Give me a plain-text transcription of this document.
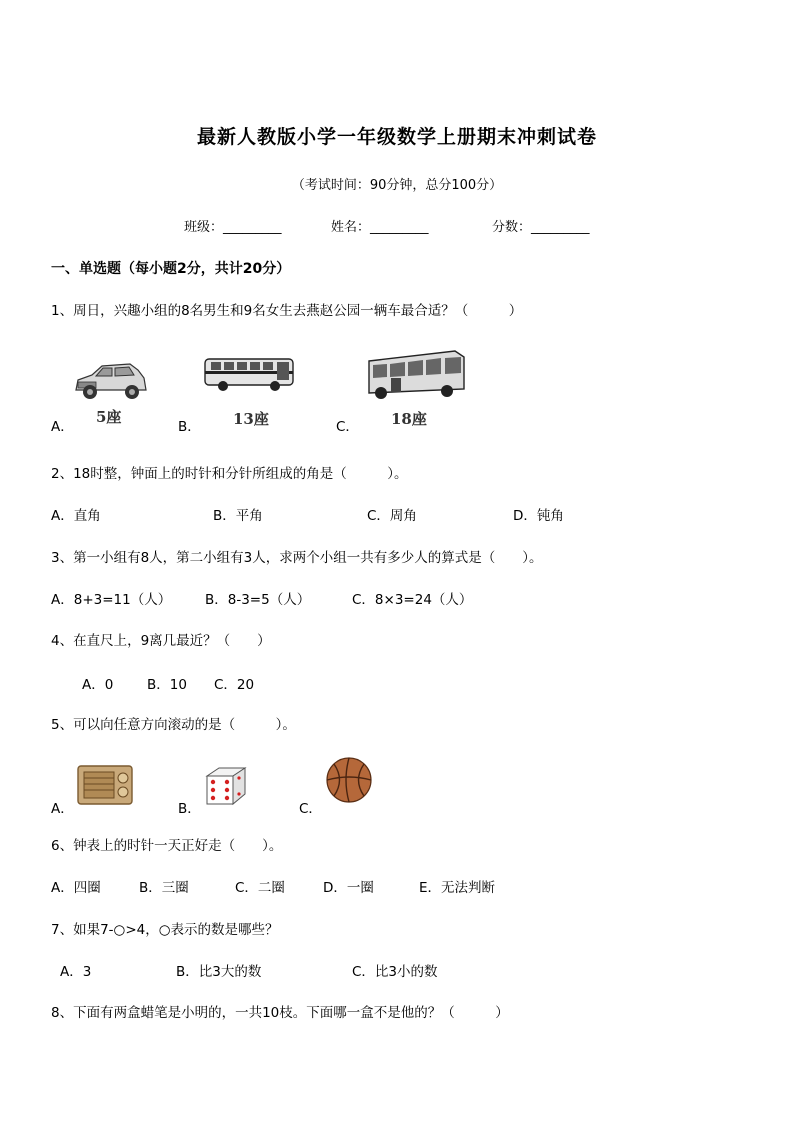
最新人教版小学一年级数学上册期末冲刺试卷
（考试时间：90分钟，总分100分）
班级：_________	姓名：_________	分数：_________
一、单选题（每小题2分，共计20分）
1、周日，兴趣小组的8名男生和9名女生去燕赵公园一辆车最合适？（　　　）
5座	13座	18座
A．	B．	C．
2、18时整，钟面上的时针和分针所组成的角是（　　　）。
A．直角	B．平角	C．周角	D．钝角
3、第一小组有8人，第二小组有3人，求两个小组一共有多少人的算式是（　　）。
A．8+3=11（人）	B．8-3=5（人）	C．8×3=24（人）
4、在直尺上，9离几最近？（　　）
A．0 B．10 C．20
5、可以向任意方向滚动的是（　　　）。
A．	B．	C．
6、钟表上的时针一天正好走（　　）。
A．四圈	B．三圈	C．二圈	D．一圈	E．无法判断
7、如果7-○>4，○表示的数是哪些？
A．3	B．比3大的数	C．比3小的数
8、下面有两盒蜡笔是小明的，一共10枝。下面哪一盒不是他的？（　　　）
